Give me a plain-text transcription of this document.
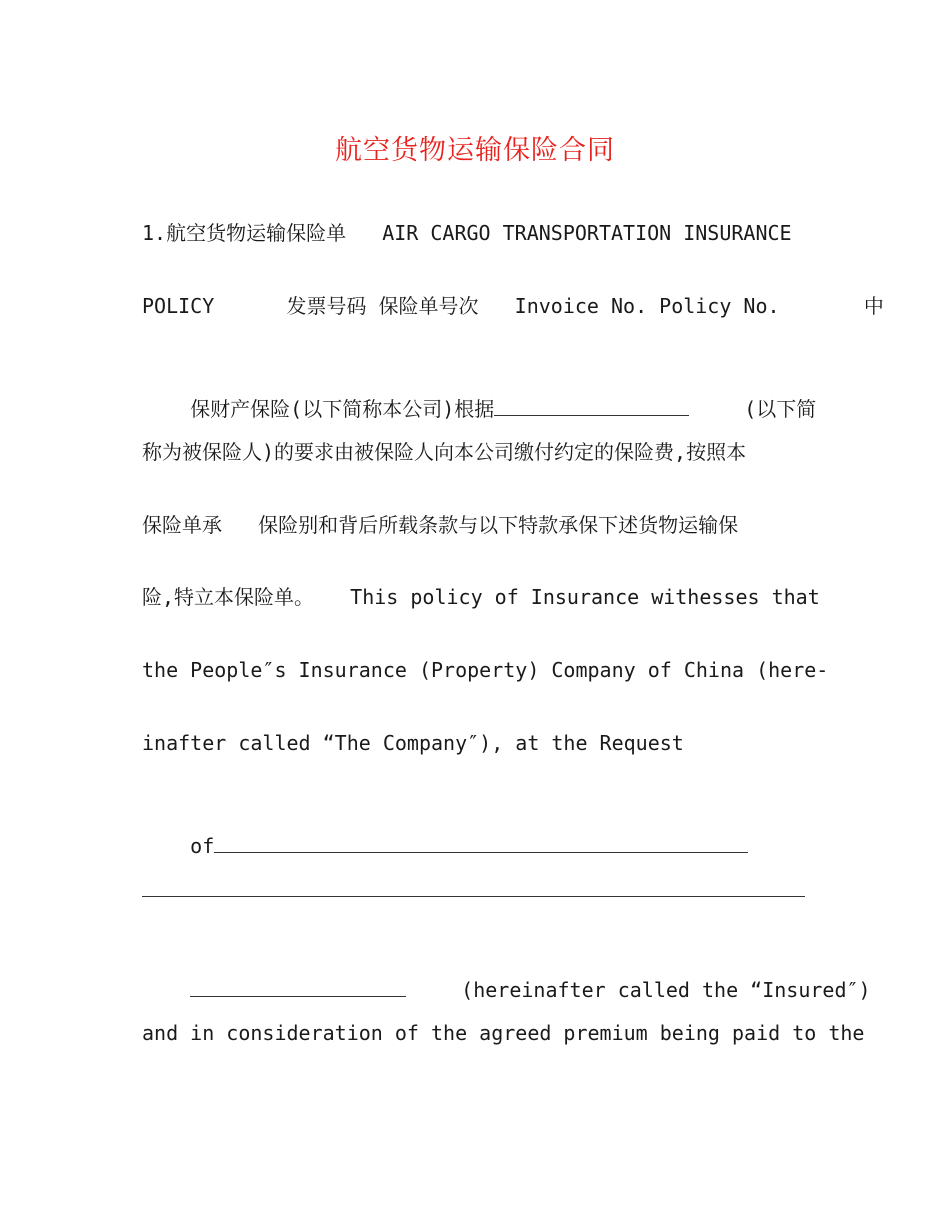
航空货物运输保险合同
1.航空货物运输保险单   AIR CARGO TRANSPORTATION INSURANCE
POLICY      发票号码 保险单号次   Invoice No. Policy No.       中

保财产保险(以下简称本公司)根据	(以下简

称为被保险人)的要求由被保险人向本公司缴付约定的保险费,按照本
保险单承   保险别和背后所载条款与以下特款承保下述货物运输保
险,特立本保险单。   This policy of Insurance withesses that
the People″s Insurance (Property) Company of China (here-
inafter called “The Company″), at the Request

of

(hereinafter called the “Insured″)

and in consideration of the agreed premium being paid to the
